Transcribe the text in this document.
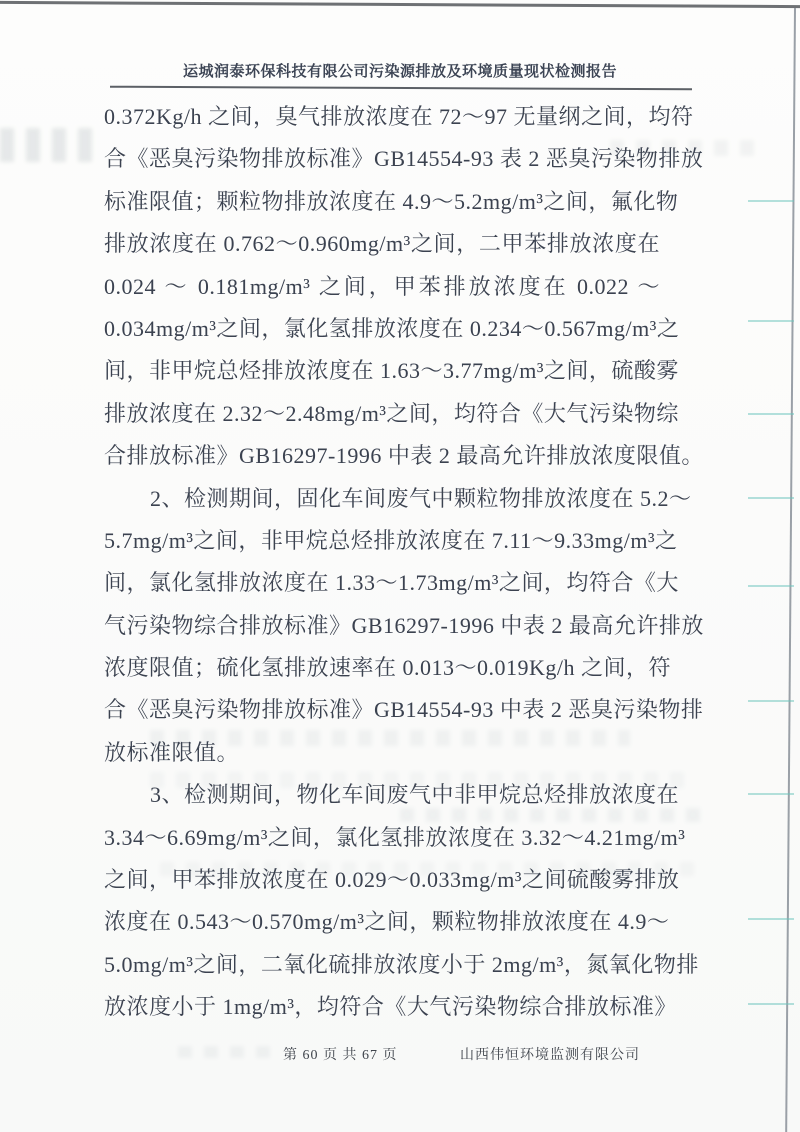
运城润泰环保科技有限公司污染源排放及环境质量现状检测报告
0.372Kg/h 之间，臭气排放浓度在 72～97 无量纲之间，均符
合《恶臭污染物排放标准》GB14554-93 表 2 恶臭污染物排放
标准限值；颗粒物排放浓度在 4.9～5.2mg/m³之间，氟化物
排放浓度在 0.762～0.960mg/m³之间，二甲苯排放浓度在
0.024 ～ 0.181mg/m³ 之间，甲苯排放浓度在 0.022 ～
0.034mg/m³之间，氯化氢排放浓度在 0.234～0.567mg/m³之
间，非甲烷总烃排放浓度在 1.63～3.77mg/m³之间，硫酸雾
排放浓度在 2.32～2.48mg/m³之间，均符合《大气污染物综
合排放标准》GB16297-1996 中表 2 最高允许排放浓度限值。
2、检测期间，固化车间废气中颗粒物排放浓度在 5.2～
5.7mg/m³之间，非甲烷总烃排放浓度在 7.11～9.33mg/m³之
间，氯化氢排放浓度在 1.33～1.73mg/m³之间，均符合《大
气污染物综合排放标准》GB16297-1996 中表 2 最高允许排放
浓度限值；硫化氢排放速率在 0.013～0.019Kg/h 之间，符
合《恶臭污染物排放标准》GB14554-93 中表 2 恶臭污染物排
放标准限值。
3、检测期间，物化车间废气中非甲烷总烃排放浓度在
3.34～6.69mg/m³之间，氯化氢排放浓度在 3.32～4.21mg/m³
之间，甲苯排放浓度在 0.029～0.033mg/m³之间硫酸雾排放
浓度在 0.543～0.570mg/m³之间，颗粒物排放浓度在 4.9～
5.0mg/m³之间，二氧化硫排放浓度小于 2mg/m³，氮氧化物排
放浓度小于 1mg/m³，均符合《大气污染物综合排放标准》
第 60 页 共 67 页	山西伟恒环境监测有限公司
